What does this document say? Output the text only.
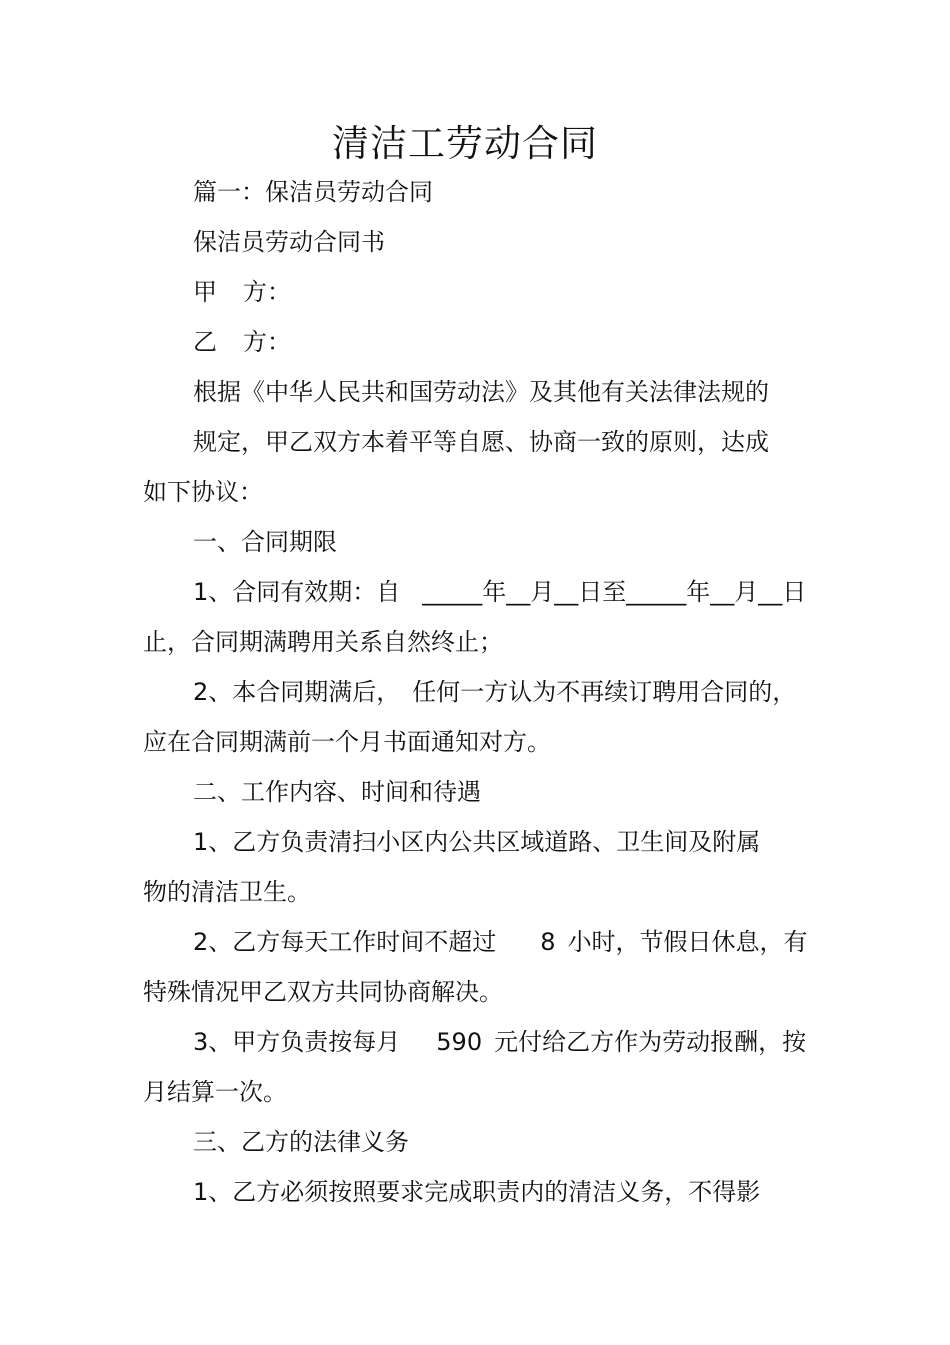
清洁工劳动合同
篇一：保洁员劳动合同
保洁员劳动合同书
甲 方：
乙 方：
根据《中华人民共和国劳动法》及其他有关法律法规的
规定，甲乙双方本着平等自愿、协商一致的原则，达成
如下协议：
一、合同期限
1、合同有效期：自 _____年__月__日至_____年__月__日
止，合同期满聘用关系自然终止；
2、本合同期满后， 任何一方认为不再续订聘用合同的，
应在合同期满前一个月书面通知对方。
二、工作内容、时间和待遇
1、乙方负责清扫小区内公共区域道路、卫生间及附属
物的清洁卫生。
2、乙方每天工作时间不超过 8 小时，节假日休息，有
特殊情况甲乙双方共同协商解决。
3、甲方负责按每月 590 元付给乙方作为劳动报酬，按
月结算一次。
三、乙方的法律义务
1、乙方必须按照要求完成职责内的清洁义务，不得影
